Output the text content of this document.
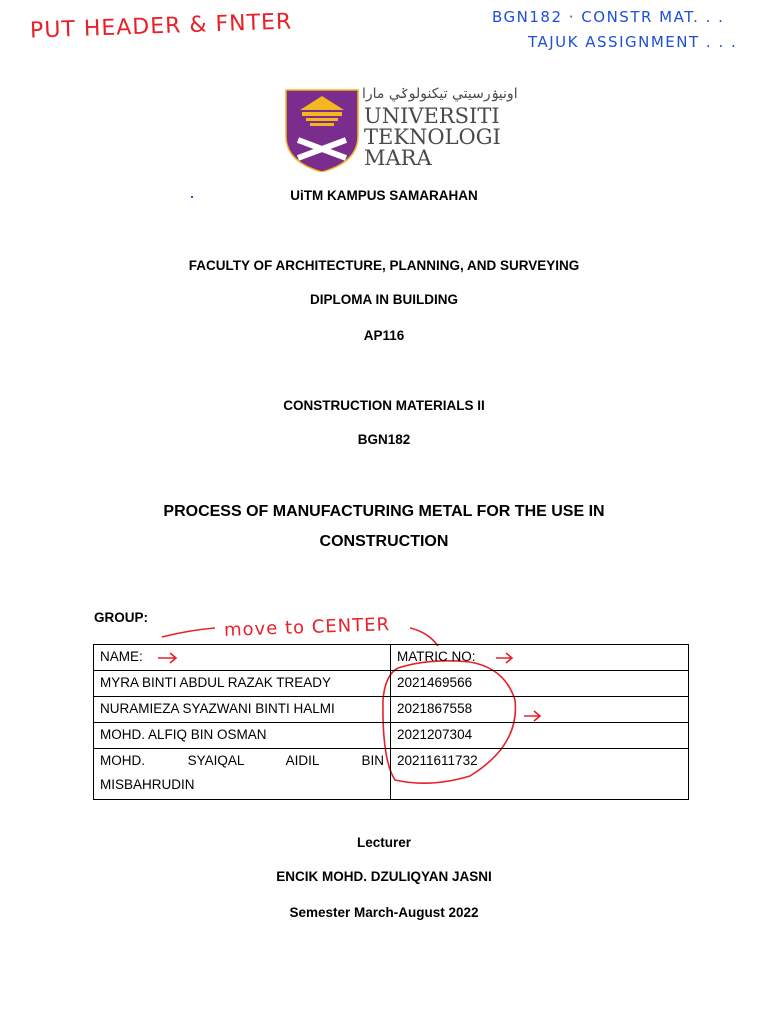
PUT HEADER & FNTER	BGN182 · CONSTR MAT. . .
TAJUK ASSIGNMENT . . .
move to CENTER
اونيۏرسيتي تيكنولوݢي مارا
UNIVERSITI
TEKNOLOGI
MARA
UiTM KAMPUS SAMARAHAN
FACULTY OF ARCHITECTURE, PLANNING, AND SURVEYING
DIPLOMA IN BUILDING
AP116
CONSTRUCTION MATERIALS II
BGN182
PROCESS OF MANUFACTURING METAL FOR THE USE IN
CONSTRUCTION
GROUP:
NAME:	MATRIC NO:
MYRA BINTI ABDUL RAZAK TREADY	2021469566
NURAMIEZA SYAZWANI BINTI HALMI	2021867558
MOHD. ALFIQ BIN OSMAN	2021207304

MOHD. SYAIQAL AIDIL BIN
MISBAHRUDIN	20211611732
Lecturer
ENCIK MOHD. DZULIQYAN JASNI
Semester March-August 2022
